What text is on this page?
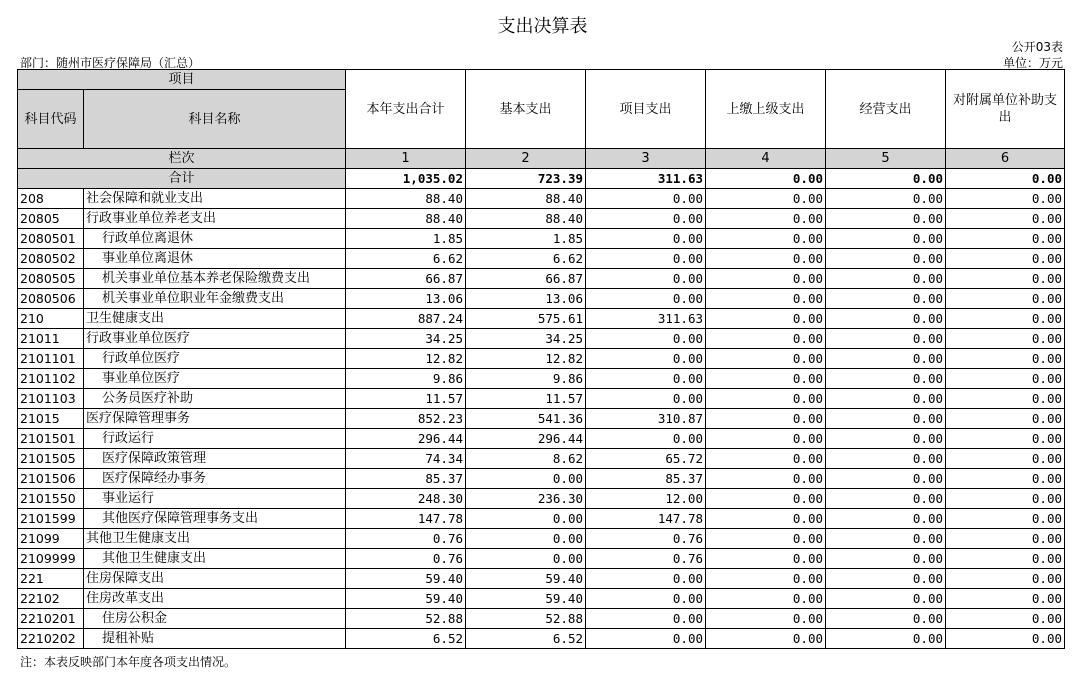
支出决算表
公开03表
部门：随州市医疗保障局（汇总）	单位：万元
项目		本年支出合计	基本支出	项目支出	上缴上级支出	经营支出	对附属单位补助支出
科目代码	科目名称						
栏次		1	2	3	4	5	6
合计		1,035.02	723.39	311.63	0.00	0.00	0.00
208	社会保障和就业支出	88.40	88.40	0.00	0.00	0.00	0.00
20805	行政事业单位养老支出	88.40	88.40	0.00	0.00	0.00	0.00
2080501	行政单位离退休	1.85	1.85	0.00	0.00	0.00	0.00
2080502	事业单位离退休	6.62	6.62	0.00	0.00	0.00	0.00
2080505	机关事业单位基本养老保险缴费支出	66.87	66.87	0.00	0.00	0.00	0.00
2080506	机关事业单位职业年金缴费支出	13.06	13.06	0.00	0.00	0.00	0.00
210	卫生健康支出	887.24	575.61	311.63	0.00	0.00	0.00
21011	行政事业单位医疗	34.25	34.25	0.00	0.00	0.00	0.00
2101101	行政单位医疗	12.82	12.82	0.00	0.00	0.00	0.00
2101102	事业单位医疗	9.86	9.86	0.00	0.00	0.00	0.00
2101103	公务员医疗补助	11.57	11.57	0.00	0.00	0.00	0.00
21015	医疗保障管理事务	852.23	541.36	310.87	0.00	0.00	0.00
2101501	行政运行	296.44	296.44	0.00	0.00	0.00	0.00
2101505	医疗保障政策管理	74.34	8.62	65.72	0.00	0.00	0.00
2101506	医疗保障经办事务	85.37	0.00	85.37	0.00	0.00	0.00
2101550	事业运行	248.30	236.30	12.00	0.00	0.00	0.00
2101599	其他医疗保障管理事务支出	147.78	0.00	147.78	0.00	0.00	0.00
21099	其他卫生健康支出	0.76	0.00	0.76	0.00	0.00	0.00
2109999	其他卫生健康支出	0.76	0.00	0.76	0.00	0.00	0.00
221	住房保障支出	59.40	59.40	0.00	0.00	0.00	0.00
22102	住房改革支出	59.40	59.40	0.00	0.00	0.00	0.00
2210201	住房公积金	52.88	52.88	0.00	0.00	0.00	0.00
2210202	提租补贴	6.52	6.52	0.00	0.00	0.00	0.00
注：本表反映部门本年度各项支出情况。
